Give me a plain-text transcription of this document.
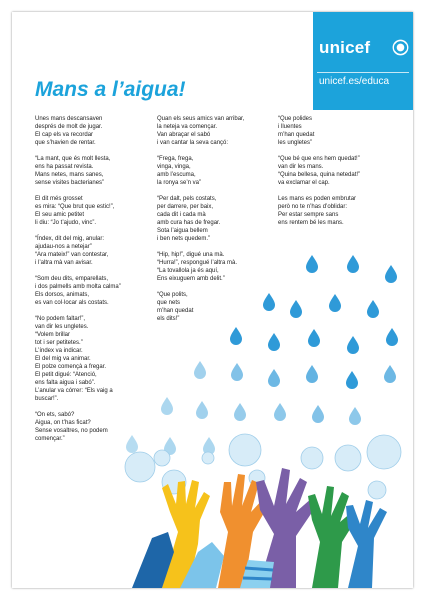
unicef
unicef.es/educa
Mans a l’aigua!

Unes mans descansaven
després de molt de jugar.
El cap els va recordar
que s’havien de rentar.

“La mant, que és molt llesta,
ens ha passat revista.
Mans netes, mans sanes,
sense visites bacterianes”

El dit més grosset
es mira: “Que brut que estic!”,
El seu amic petitet
li diu: “Jo t’ajudo, vinc”.

“Índex, dit del mig, anular:
ajudau-nos a netejar”
“Ara mateix!” van contestar,
i l’altra mà van avisar.

“Som deu dits, emparellats,
i dos palmells amb molta calma”
Els dorsos, animats,
es van col·locar als costats.

“No podem faltar!”,
van dir les ungletes.
“Volem brillar
tot i ser petitetes.”
L’índex va indicar.
El del mig va animar.
El polze començà a fregar.
El petit digué: “Atenció,
ens falta aigua i sabó”.
L’anular va córrer: “Els vaig a
buscar!”.

“On ets, sabó?
Aigua, on t’has ficat?
Sense vosaltres, no podem
començar.”

Quan els seus amics van arribar,
la neteja va començar.
Van abraçar el sabó
i van cantar la seva cançó:

“Frega, frega,
vinga, vinga,
amb l’escuma,
la ronya se’n va”

“Per dalt, pels costats,
per darrere, per baix,
cada dit i cada mà
amb cura has de fregar.
Sota l’aigua bellem
i ben nets quedem.”

“Hip, hip!”, digué una mà.
“Hurra!”, respongué l’altra mà.
“La tovallola ja és aquí,
Ens eixuguem amb delit.”

“Que polits,
que nets
m’han quedat
els dits!”

“Que polides
i lluentes
m’han quedat
les ungletes”

“Que bé que ens hem quedat!”
van dir les mans.
“Quina bellesa, quina netedat!”
va exclamar el cap.

Les mans es poden embrutar
però no te n’has d’oblidar:
Per estar sempre sans
ens rentem bé les mans.
